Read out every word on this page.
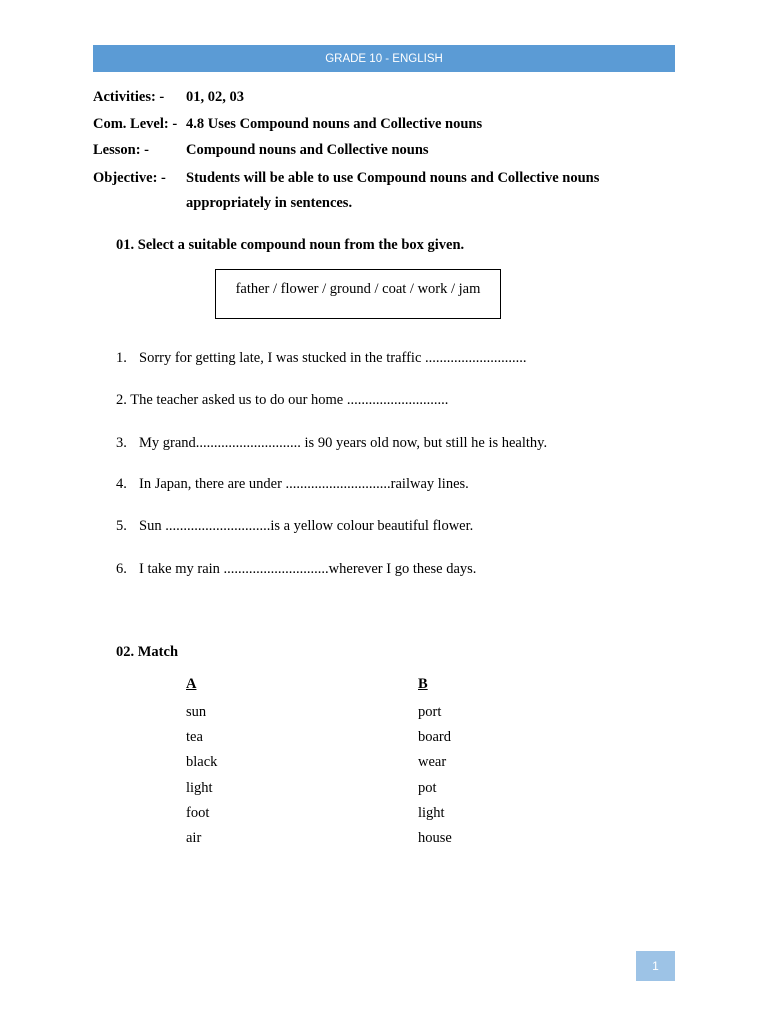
GRADE 10 - ENGLISH
Activities: - 01, 02, 03
Com. Level: - 4.8 Uses Compound nouns and Collective nouns
Lesson: -	Compound nouns and Collective nouns
Objective: - Students will be able to use Compound nouns and Collective nouns
appropriately in sentences.
01. Select a suitable compound noun from the box given.
father / flower / ground / coat / work / jam
1. Sorry for getting late, I was stucked in the traffic ............................
2. The teacher asked us to do our home ............................
3. My grand............................. is 90 years old now, but still he is healthy.
4. In Japan, there are under .............................railway lines.
5. Sun .............................is a yellow colour beautiful flower.
6. I take my rain .............................wherever I go these days.
02. Match
A	B
sun
tea
black
light
foot
air
port
board
wear
pot
light
house
1
